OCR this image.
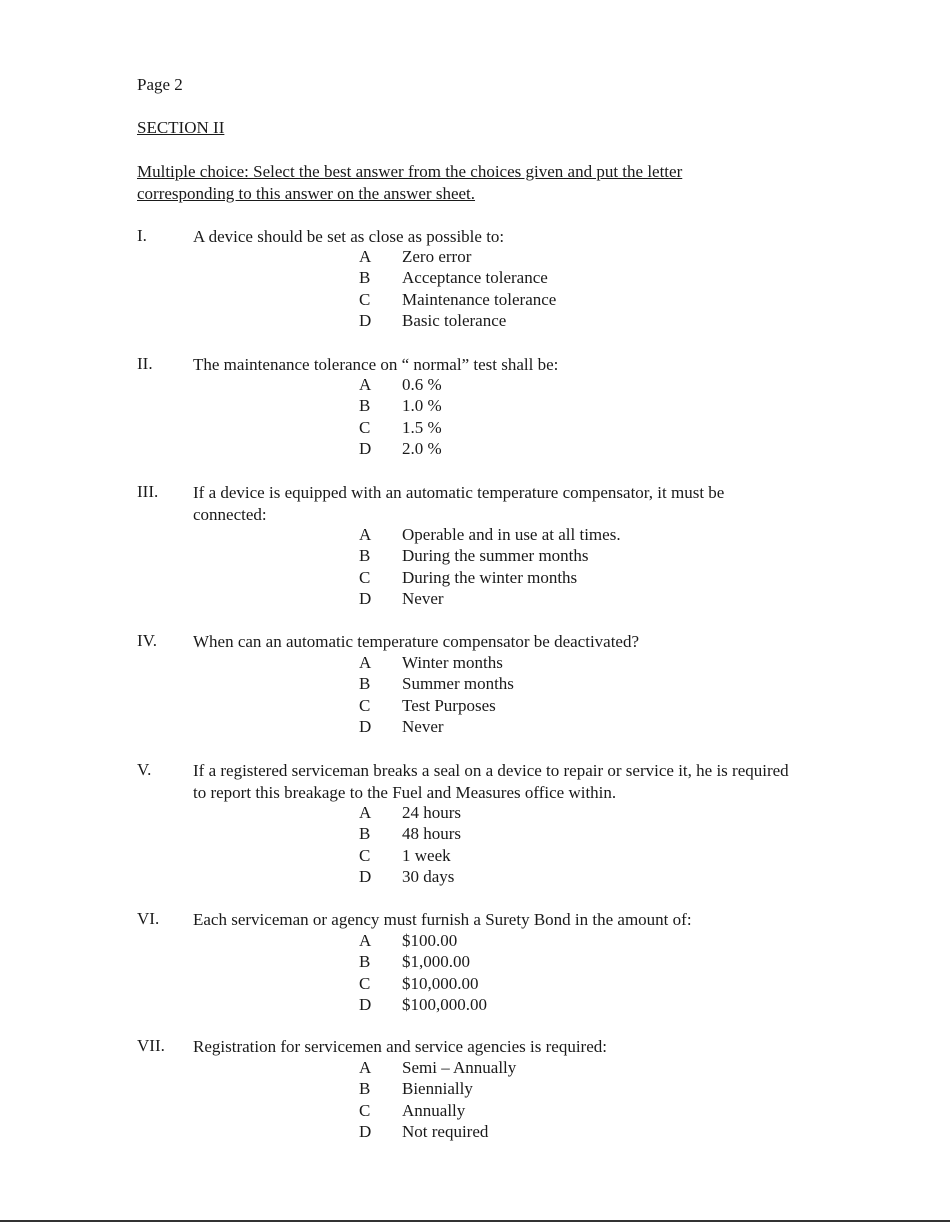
Page 2
SECTION II
Multiple choice: Select the best answer from the choices given and put the letter corresponding to this answer on the answer sheet.
I.	A device should be set as close as possible to:
A Zero error
B Acceptance tolerance
C Maintenance tolerance
D Basic tolerance
II. The maintenance tolerance on “ normal” test shall be:
A 0.6 %
B 1.0 %
C 1.5 %
D 2.0 %
III. If a device is equipped with an automatic temperature compensator, it must be connected:
A Operable and in use at all times.
B During the summer months
C During the winter months
D Never
IV. When can an automatic temperature compensator be deactivated?
A Winter months
B Summer months
C Test Purposes
D Never
V. If a registered serviceman breaks a seal on a device to repair or service it, he is required to report this breakage to the Fuel and Measures office within.
A 24 hours
B 48 hours
C 1 week
D 30 days
VI. Each serviceman or agency must furnish a Surety Bond in the amount of:
A $100.00
B $1,000.00
C $10,000.00
D $100,000.00
VII. Registration for servicemen and service agencies is required:
A Semi – Annually
B Biennially
C Annually
D Not required
